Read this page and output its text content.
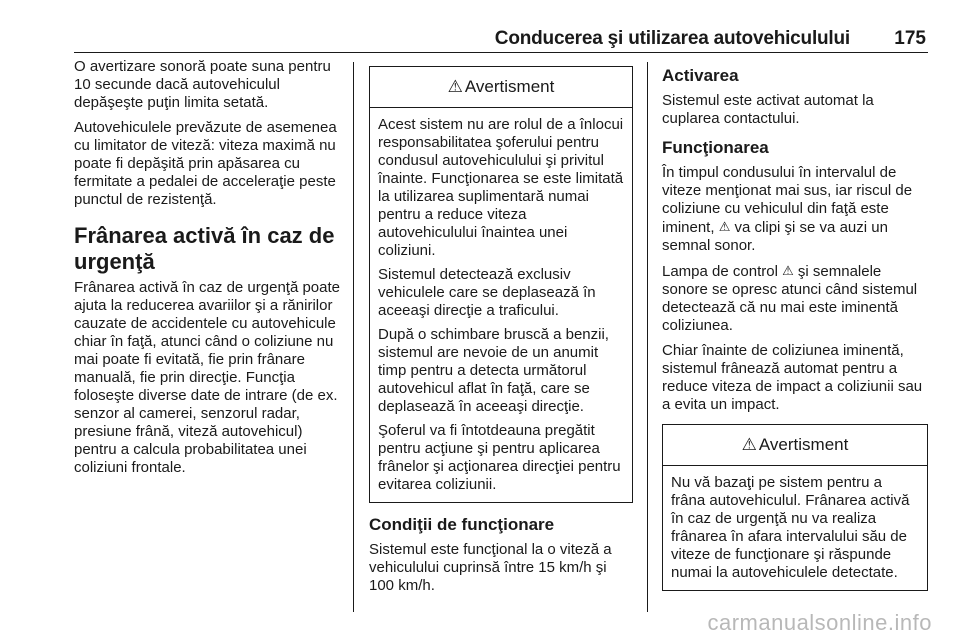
Conducerea şi utilizarea autovehiculului 175

O avertizare sonoră poate suna pentru 10 secunde dacă autovehiculul depăşeşte puţin limita setată.

Autovehiculele prevăzute de asemenea cu limitator de viteză: viteza maximă nu poate fi depăşită prin apăsarea cu fermitate a pedalei de acceleraţie peste punctul de rezistenţă.

Frânarea activă în caz de urgenţă

Frânarea activă în caz de urgenţă poate ajuta la reducerea avariilor şi a rănirilor cauzate de accidentele cu autovehicule chiar în faţă, atunci când o coliziune nu mai poate fi evitată, fie prin frânare manuală, fie prin direcţie. Funcţia foloseşte diverse date de intrare (de ex. senzor al camerei, senzorul radar, presiune frână, viteză autovehicul) pentru a calcula probabilitatea unei coliziuni frontale.

⚠ Avertisment

Acest sistem nu are rolul de a înlocui responsabilitatea şoferului pentru condusul autovehiculului şi privitul înainte. Funcţionarea se este limitată la utilizarea suplimentară numai pentru a reduce viteza autovehiculului înaintea unei coliziuni.

Sistemul detectează exclusiv vehiculele care se deplasează în aceeaşi direcţie a traficului.

După o schimbare bruscă a benzii, sistemul are nevoie de un anumit timp pentru a detecta următorul autovehicul aflat în faţă, care se deplasează în aceeaşi direcţie.

Şoferul va fi întotdeauna pregătit pentru acţiune şi pentru aplicarea frânelor şi acţionarea direcţiei pentru evitarea coliziunii.

Condiţii de funcţionare

Sistemul este funcţional la o viteză a vehiculului cuprinsă între 15 km/h şi 100 km/h.

Activarea

Sistemul este activat automat la cuplarea contactului.

Funcţionarea

În timpul condusului în intervalul de viteze menţionat mai sus, iar riscul de coliziune cu vehiculul din faţă este iminent, ⚠ va clipi şi se va auzi un semnal sonor.

Lampa de control ⚠ şi semnalele sonore se opresc atunci când sistemul detectează că nu mai este iminentă coliziunea.

Chiar înainte de coliziunea iminentă, sistemul frânează automat pentru a reduce viteza de impact a coliziunii sau a evita un impact.

⚠ Avertisment

Nu vă bazaţi pe sistem pentru a frâna autovehiculul. Frânarea activă în caz de urgenţă nu va realiza frânarea în afara intervalului său de viteze de funcţionare şi răspunde numai la autovehiculele detectate.

carmanualsonline.info
